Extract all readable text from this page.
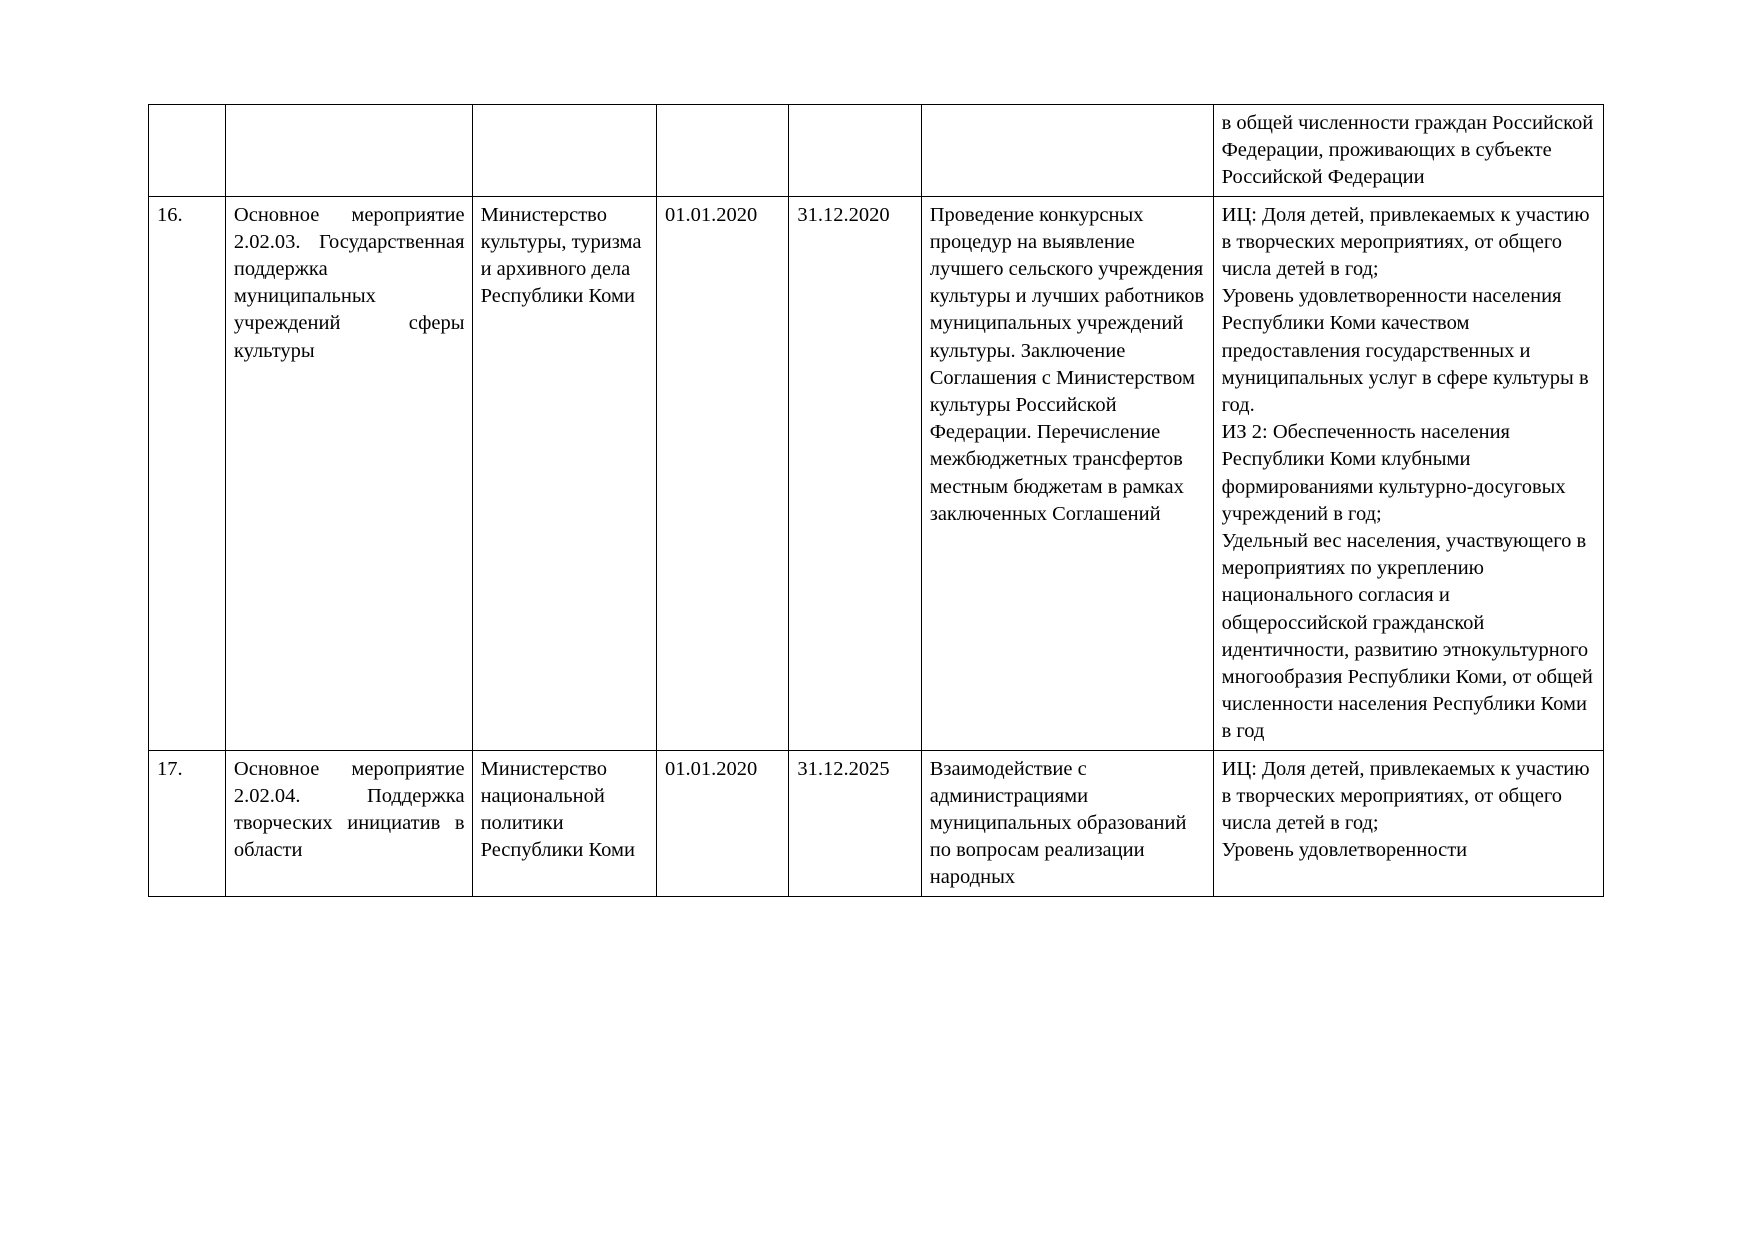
						в общей численности граждан Российской Федерации, проживающих в субъекте Российской Федерации
16.	Основное мероприятие 2.02.03. Государственная поддержка муниципальных учреждений сферы культуры	Министерство культуры, туризма и архивного дела Республики Коми	01.01.2020	31.12.2020	Проведение конкурсных процедур на выявление лучшего сельского учреждения культуры и лучших работников муниципальных учреждений культуры. Заключение Соглашения с Министерством культуры Российской Федерации. Перечисление межбюджетных трансфертов местным бюджетам в рамках заключенных Соглашений	ИЦ: Доля детей, привлекаемых к участию в творческих мероприятиях, от общего числа детей в год;
Уровень удовлетворенности населения Республики Коми качеством предоставления государственных и муниципальных услуг в сфере культуры в год.
ИЗ 2: Обеспеченность населения Республики Коми клубными формированиями культурно-досуговых учреждений в год;
Удельный вес населения, участвующего в мероприятиях по укреплению национального согласия и общероссийской гражданской идентичности, развитию этнокультурного многообразия Республики Коми, от общей численности населения Республики Коми в год
17.	Основное мероприятие 2.02.04. Поддержка творческих инициатив в области	Министерство национальной политики Республики Коми	01.01.2020	31.12.2025	Взаимодействие с администрациями муниципальных образований по вопросам реализации народных	ИЦ: Доля детей, привлекаемых к участию в творческих мероприятиях, от общего числа детей в год;
Уровень удовлетворенности
